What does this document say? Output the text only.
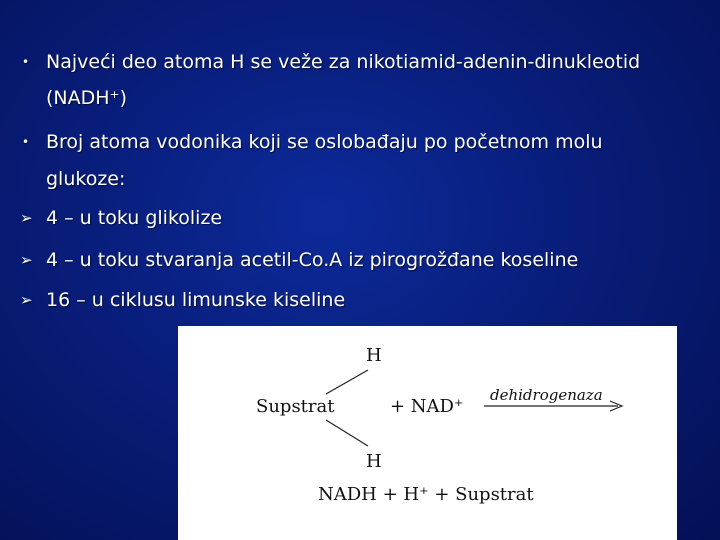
• Najveći deo atoma H se veže za nikotiamid-adenin-dinukleotid
(NADH⁺)
• Broj atoma vodonika koji se oslobađaju po početnom molu
glukoze:
➢ 4 – u toku glikolize
➢ 4 – u toku stvaranja acetil-Co.A iz pirogrožđane koseline
➢ 16 – u ciklusu limunske kiseline
H
Supstrat	+ NAD⁺
dehidrogenaza
H
NADH + H⁺ + Supstrat
